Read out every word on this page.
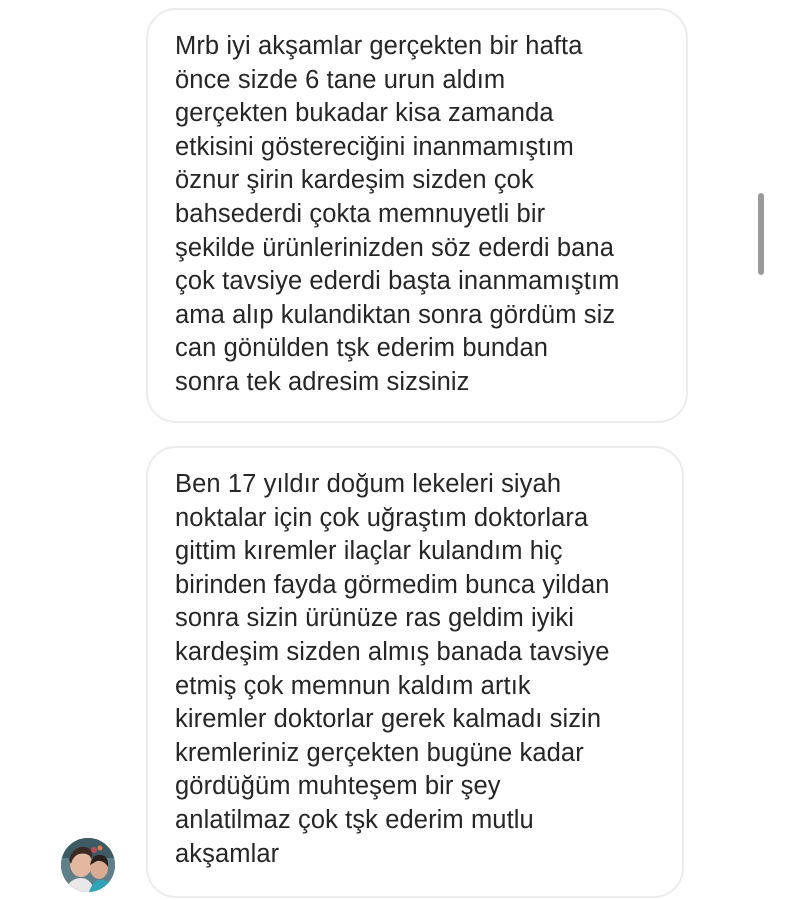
Mrb iyi akşamlar gerçekten bir hafta
önce sizde 6 tane urun aldım
gerçekten bukadar kisa zamanda
etkisini göstereciğini inanmamıştım
öznur şirin kardeşim sizden çok
bahsederdi çokta memnuyetli bir
şekilde ürünlerinizden söz ederdi bana
çok tavsiye ederdi başta inanmamıştım
ama alıp kulandiktan sonra gördüm siz
can gönülden tşk ederim bundan
sonra tek adresim sizsiniz
Ben 17 yıldır doğum lekeleri siyah
noktalar için çok uğraştım doktorlara
gittim kıremler ilaçlar kulandım hiç
birinden fayda görmedim bunca yildan
sonra sizin ürünüze ras geldim iyiki
kardeşim sizden almış banada tavsiye
etmiş çok memnun kaldım artık
kiremler doktorlar gerek kalmadı sizin
kremleriniz gerçekten bugüne kadar
gördüğüm muhteşem bir şey
anlatilmaz çok tşk ederim mutlu
akşamlar
